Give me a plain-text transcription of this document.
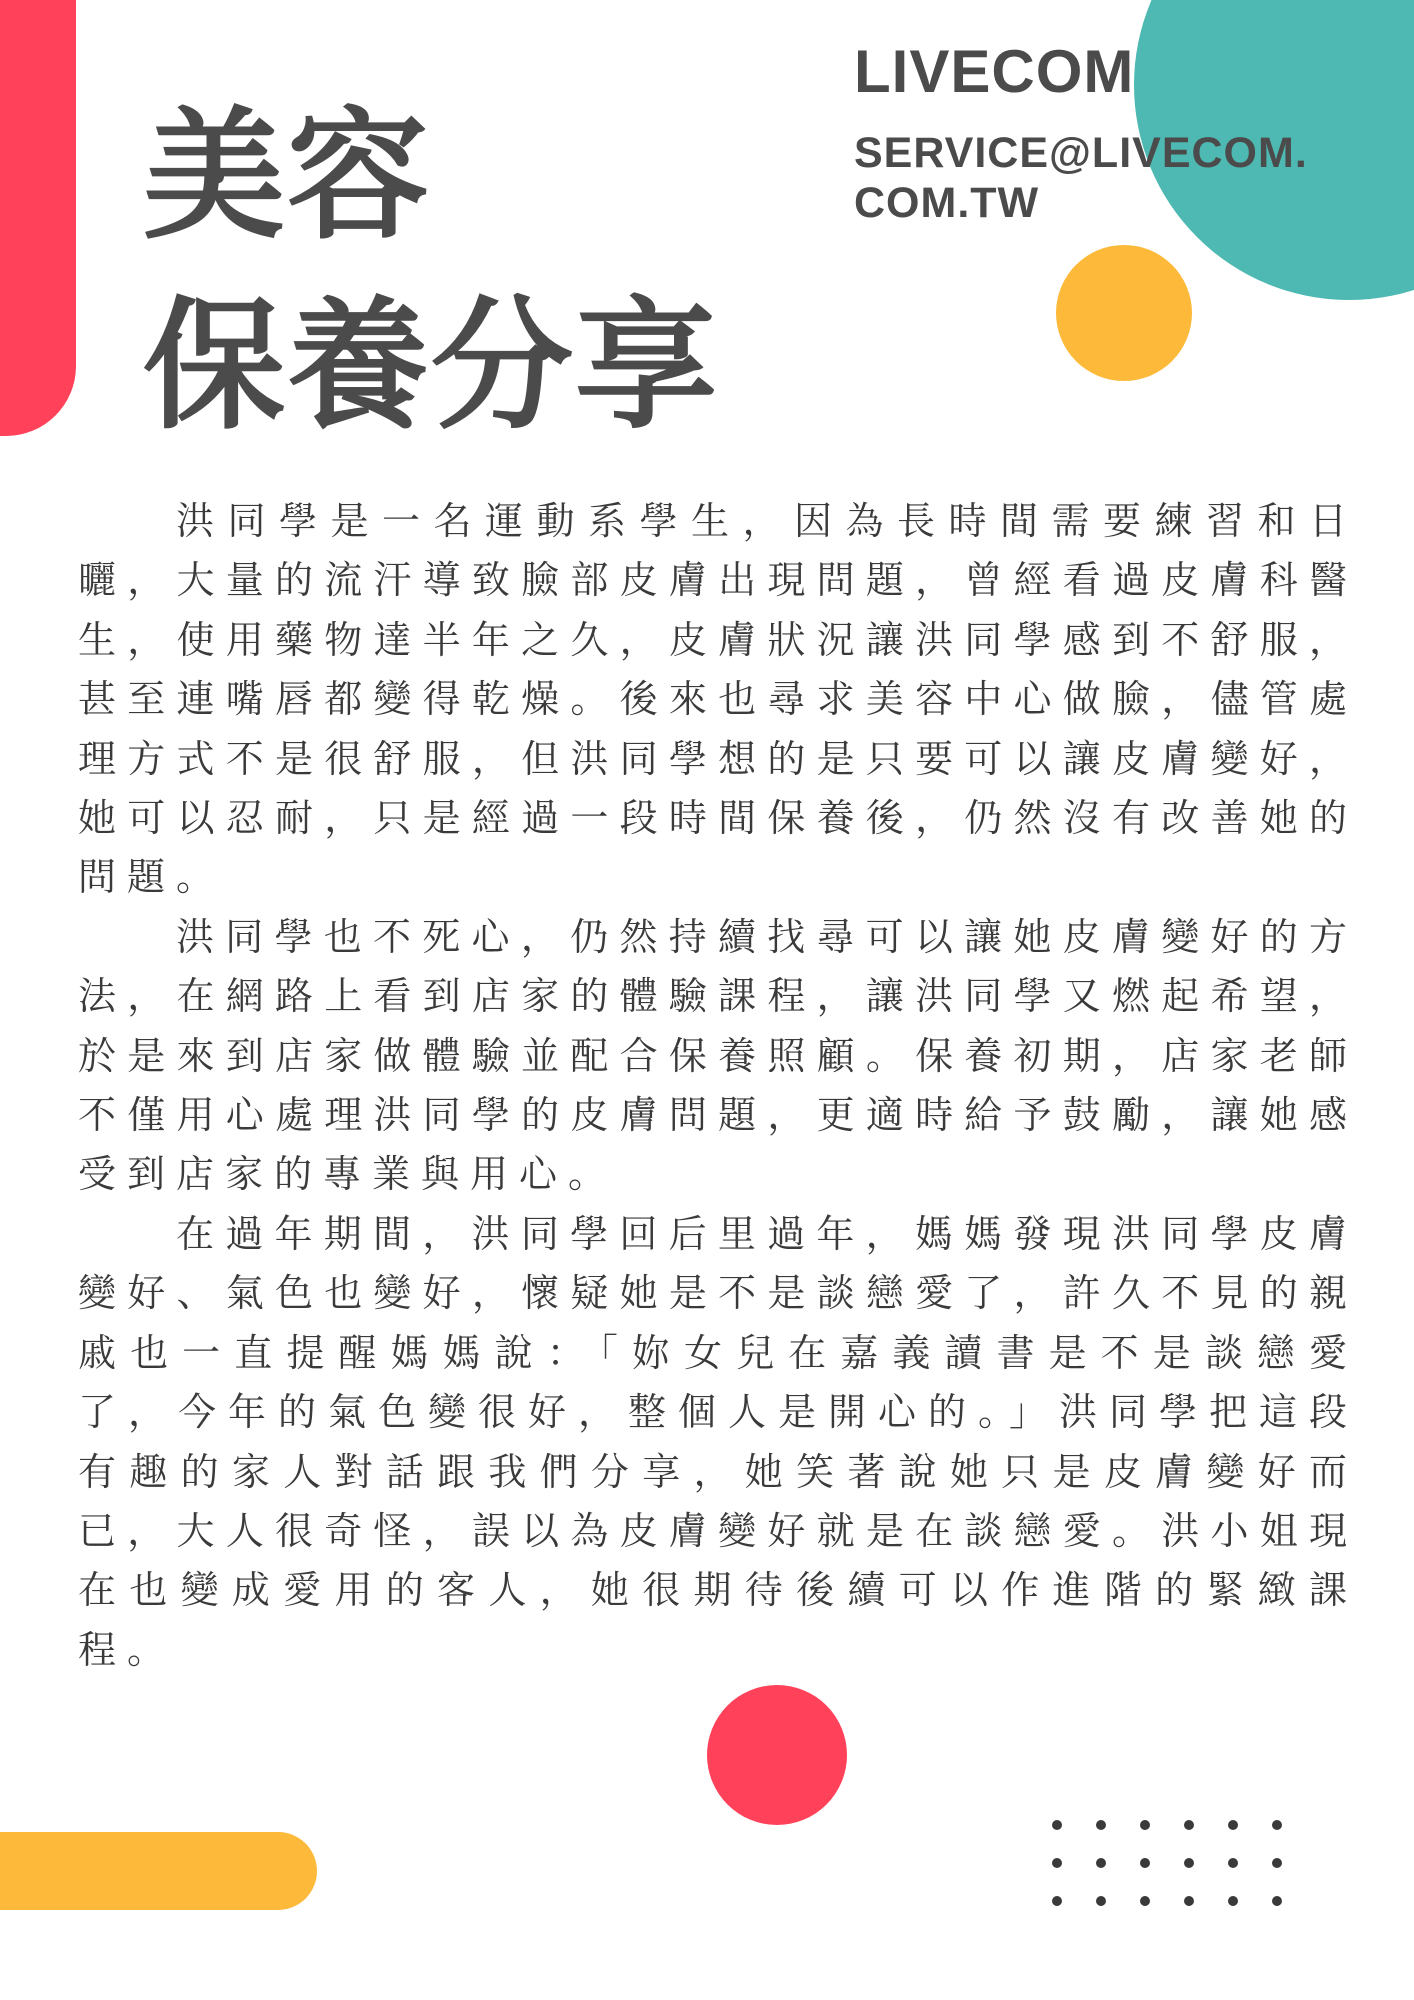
美容
保養分享
LIVECOM
SERVICE@LIVECOM.
COM.TW

洪同學是一名運動系學生，因為長時間需要練習和日曬，大量的流汗導致臉部皮膚出現問題，曾經看過皮膚科醫生，使用藥物達半年之久，皮膚狀況讓洪同學感到不舒服，甚至連嘴唇都變得乾燥。後來也尋求美容中心做臉，儘管處理方式不是很舒服，但洪同學想的是只要可以讓皮膚變好，她可以忍耐，只是經過一段時間保養後，仍然沒有改善她的問題。

洪同學也不死心，仍然持續找尋可以讓她皮膚變好的方法，在網路上看到店家的體驗課程，讓洪同學又燃起希望，於是來到店家做體驗並配合保養照顧。保養初期，店家老師不僅用心處理洪同學的皮膚問題，更適時給予鼓勵，讓她感受到店家的專業與用心。

在過年期間，洪同學回后里過年，媽媽發現洪同學皮膚變好、氣色也變好，懷疑她是不是談戀愛了，許久不見的親戚也一直提醒媽媽說：「妳女兒在嘉義讀書是不是談戀愛了，今年的氣色變很好，整個人是開心的。」洪同學把這段有趣的家人對話跟我們分享，她笑著說她只是皮膚變好而已，大人很奇怪，誤以為皮膚變好就是在談戀愛。洪小姐現在也變成愛用的客人，她很期待後續可以作進階的緊緻課程。
